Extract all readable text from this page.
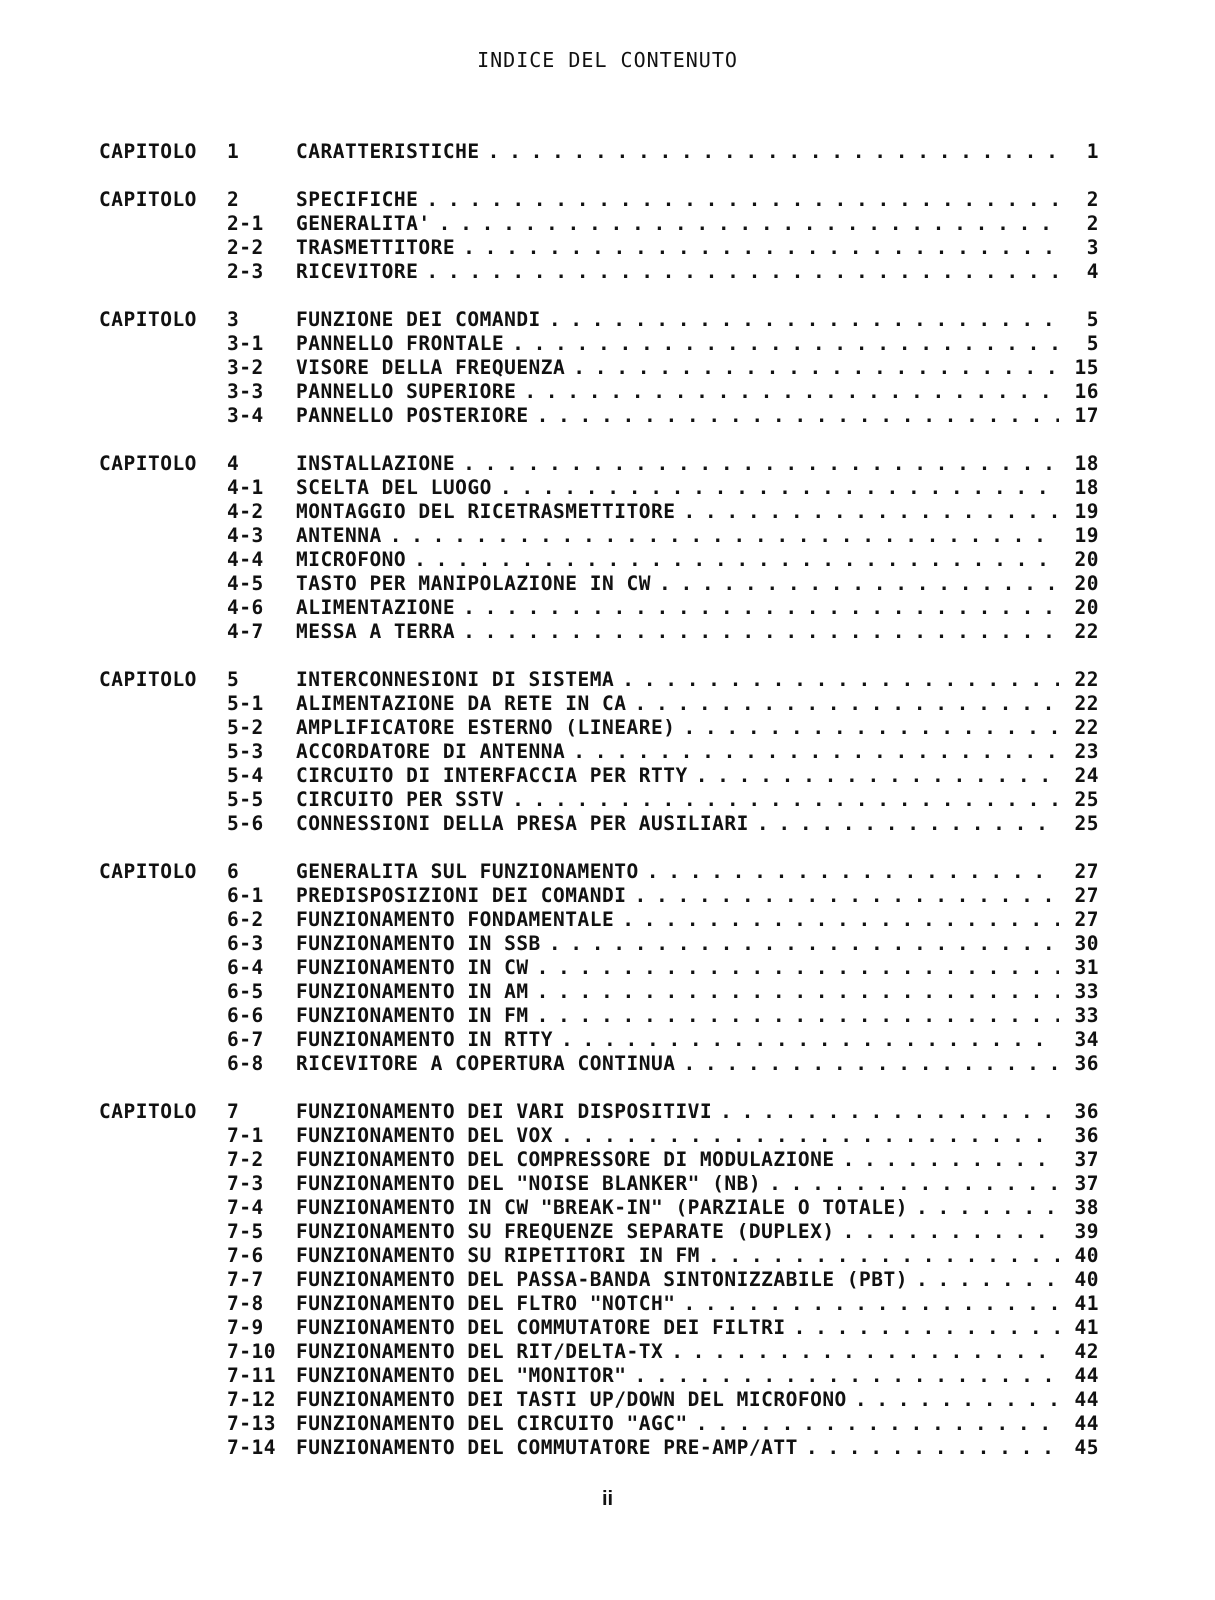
INDICE DEL CONTENUTO
CAPITOLO	1	CARATTERISTICHE . . .	1
CAPITOLO	2	SPECIFICHE . . .	2
2-1	GENERALITA' . . .	2
2-2	TRASMETTITORE . . .	3
2-3	RICEVITORE . . .	4
CAPITOLO	3	FUNZIONE DEI COMANDI . . .	5
3-1	PANNELLO FRONTALE . . .	5
3-2	VISORE DELLA FREQUENZA . . .	15
3-3	PANNELLO SUPERIORE . . .	16
3-4	PANNELLO POSTERIORE . . .	17
CAPITOLO	4	INSTALLAZIONE . . .	18
4-1	SCELTA DEL LUOGO . . .	18
4-2	MONTAGGIO DEL RICETRASMETTITORE . . .	19
4-3	ANTENNA . . .	19
4-4	MICROFONO . . .	20
4-5	TASTO PER MANIPOLAZIONE IN CW . . .	20
4-6	ALIMENTAZIONE . . .	20
4-7	MESSA A TERRA . . .	22
CAPITOLO	5	INTERCONNESIONI DI SISTEMA . . .	22
5-1	ALIMENTAZIONE DA RETE IN CA . . .	22
5-2	AMPLIFICATORE ESTERNO (LINEARE) . . .	22
5-3	ACCORDATORE DI ANTENNA . . .	23
5-4	CIRCUITO DI INTERFACCIA PER RTTY . . .	24
5-5	CIRCUITO PER SSTV . . .	25
5-6	CONNESSIONI DELLA PRESA PER AUSILIARI . . .	25
CAPITOLO	6	GENERALITA SUL FUNZIONAMENTO . . .	27
6-1	PREDISPOSIZIONI DEI COMANDI . . .	27
6-2	FUNZIONAMENTO FONDAMENTALE . . .	27
6-3	FUNZIONAMENTO IN SSB . . .	30
6-4	FUNZIONAMENTO IN CW . . .	31
6-5	FUNZIONAMENTO IN AM . . .	33
6-6	FUNZIONAMENTO IN FM . . .	33
6-7	FUNZIONAMENTO IN RTTY . . .	34
6-8	RICEVITORE A COPERTURA CONTINUA . . .	36
CAPITOLO	7	FUNZIONAMENTO DEI VARI DISPOSITIVI . . .	36
7-1	FUNZIONAMENTO DEL VOX . . .	36
7-2	FUNZIONAMENTO DEL COMPRESSORE DI MODULAZIONE . . .	37
7-3	FUNZIONAMENTO DEL "NOISE BLANKER" (NB) . . .	37
7-4	FUNZIONAMENTO IN CW "BREAK-IN" (PARZIALE O TOTALE) . . .	38
7-5	FUNZIONAMENTO SU FREQUENZE SEPARATE (DUPLEX) . . .	39
7-6	FUNZIONAMENTO SU RIPETITORI IN FM . . .	40
7-7	FUNZIONAMENTO DEL PASSA-BANDA SINTONIZZABILE (PBT) . . .	40
7-8	FUNZIONAMENTO DEL FLTRO "NOTCH" . . .	41
7-9	FUNZIONAMENTO DEL COMMUTATORE DEI FILTRI . . .	41
7-10	FUNZIONAMENTO DEL RIT/DELTA-TX . . .	42
7-11	FUNZIONAMENTO DEL "MONITOR" . . .	44
7-12	FUNZIONAMENTO DEI TASTI UP/DOWN DEL MICROFONO . . .	44
7-13	FUNZIONAMENTO DEL CIRCUITO "AGC" . . .	44
7-14	FUNZIONAMENTO DEL COMMUTATORE PRE-AMP/ATT . . .	45
ii
